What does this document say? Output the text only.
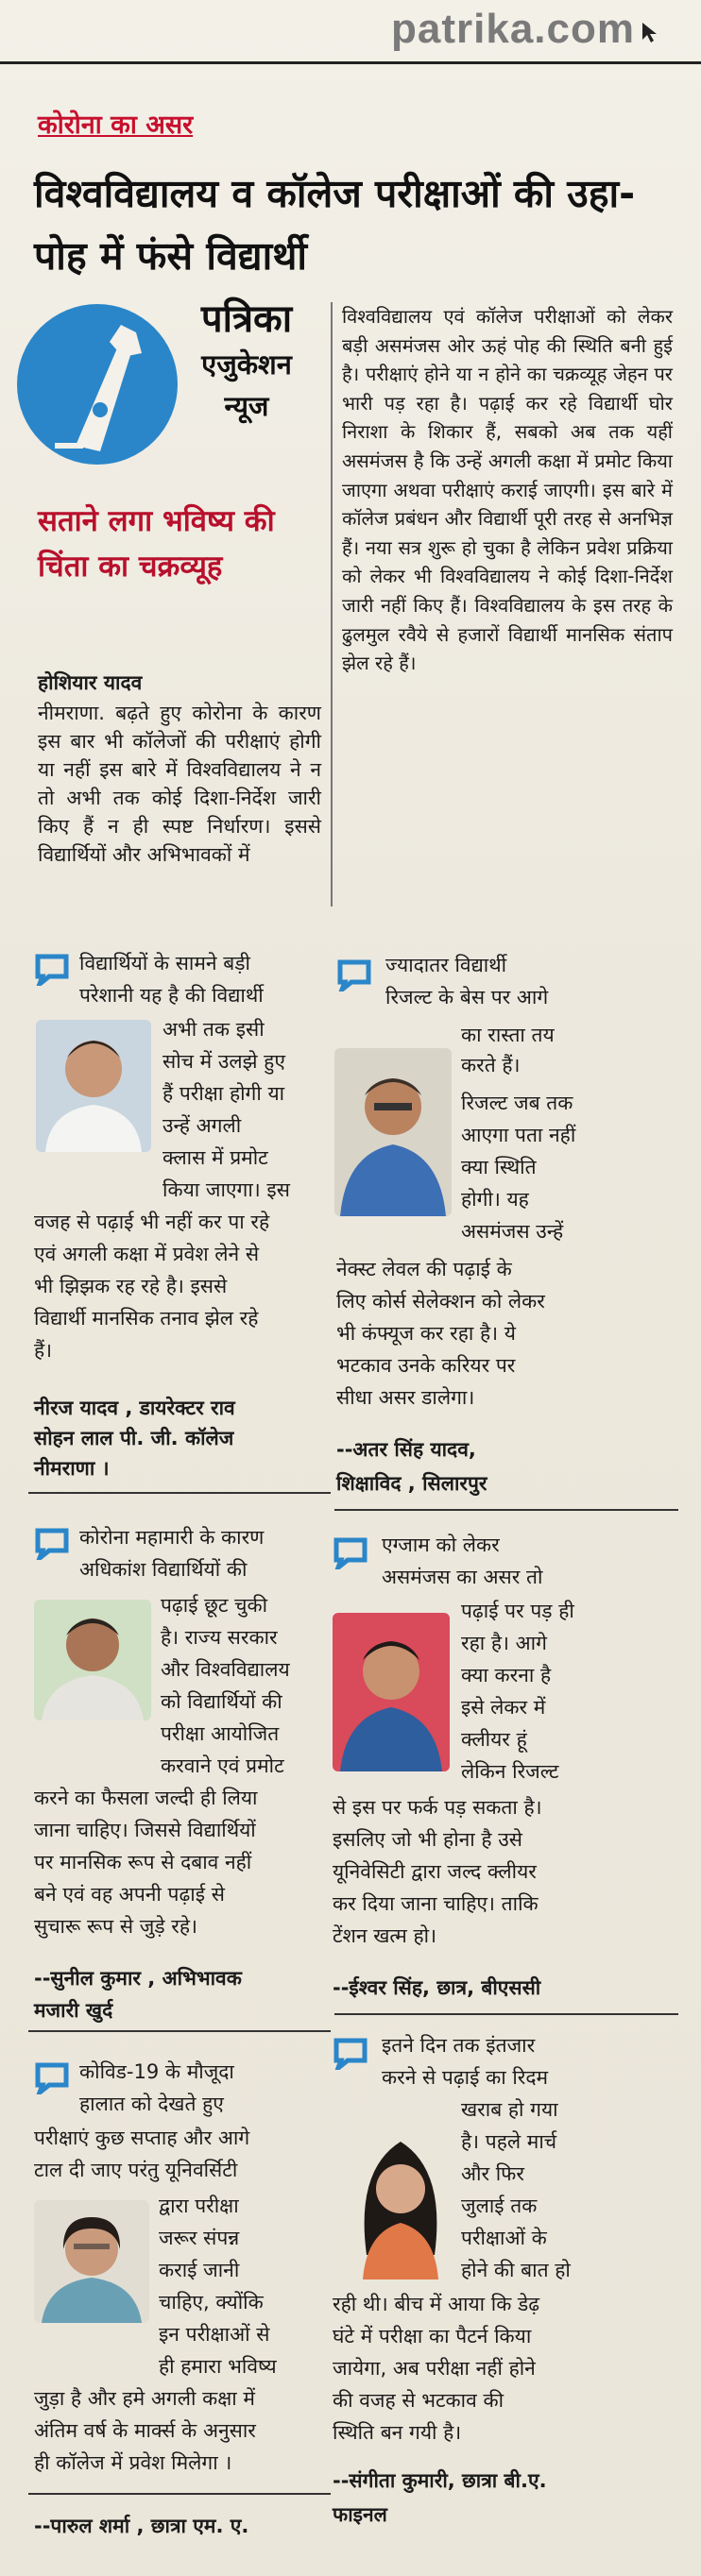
patrika.com
कोरोना का असर
विश्वविद्यालय व कॉलेज परीक्षाओं की उहा-पोह में फंसे विद्यार्थी
पत्रिका
एजुकेशन
न्यूज
सताने लगा भविष्य की चिंता का चक्रव्यूह
विश्वविद्यालय एवं कॉलेज परीक्षाओं को लेकर बड़ी असमंजस ओर ऊहं पोह की स्थिति बनी हुई है। परीक्षाएं होने या न होने का चक्रव्यूह जेहन पर भारी पड़ रहा है। पढ़ाई कर रहे विद्यार्थी घोर निराशा के शिकार हैं, सबको अब तक यहीं असमंजस है कि उन्हें अगली कक्षा में प्रमोट किया जाएगा अथवा परीक्षाएं कराई जाएगी। इस बारे में कॉलेज प्रबंधन और विद्यार्थी पूरी तरह से अनभिज्ञ हैं। नया सत्र शुरू हो चुका है लेकिन प्रवेश प्रक्रिया को लेकर भी विश्वविद्यालय ने कोई दिशा-निर्देश जारी नहीं किए हैं। विश्वविद्यालय के इस तरह के ढुलमुल रवैये से हजारों विद्यार्थी मानसिक संताप झेल रहे हैं।
होशियार यादव
नीमराणा. बढ़ते हुए कोरोना के कारण इस बार भी कॉलेजों की परीक्षाएं होगी या नहीं इस बारे में विश्वविद्यालय ने न तो अभी तक कोई दिशा-निर्देश जारी किए हैं न ही स्पष्ट निर्धारण। इससे विद्यार्थियों और अभिभावकों में
विद्यार्थियों के सामने बड़ी
परेशानी यह है की विद्यार्थी
अभी तक इसी
सोच में उलझे हुए
हैं परीक्षा होगी या
उन्हें अगली
क्लास में प्रमोट
किया जाएगा। इस
वजह से पढ़ाई भी नहीं कर पा रहे
एवं अगली कक्षा में प्रवेश लेने से
भी झिझक रह रहे है। इससे
विद्यार्थी मानसिक तनाव झेल रहे
हैं।
नीरज यादव , डायरेक्टर राव
सोहन लाल पी. जी. कॉलेज
नीमराणा ।
ज्यादातर विद्यार्थी
रिजल्ट के बेस पर आगे
का रास्ता तय
करते हैं।
रिजल्ट जब तक
आएगा पता नहीं
क्या स्थिति
होगी। यह
असमंजस उन्हें
नेक्स्ट लेवल की पढ़ाई के
लिए कोर्स सेलेक्शन को लेकर
भी कंफ्यूज कर रहा है। ये
भटकाव उनके करियर पर
सीधा असर डालेगा।
--अतर सिंह यादव,
शिक्षाविद , सिलारपुर
कोरोना महामारी के कारण
अधिकांश विद्यार्थियों की
पढ़ाई छूट चुकी
है। राज्य सरकार
और विश्वविद्यालय
को विद्यार्थियों की
परीक्षा आयोजित
करवाने एवं प्रमोट
करने का फैसला जल्दी ही लिया
जाना चाहिए। जिससे विद्यार्थियों
पर मानसिक रूप से दबाव नहीं
बने एवं वह अपनी पढ़ाई से
सुचारू रूप से जुड़े रहे।
--सुनील कुमार , अभिभावक
मजारी खुर्द
एग्जाम को लेकर
असमंजस का असर तो
पढ़ाई पर पड़ ही
रहा है। आगे
क्या करना है
इसे लेकर में
क्लीयर हूं
लेकिन रिजल्ट
से इस पर फर्क पड़ सकता है।
इसलिए जो भी होना है उसे
यूनिवेसिटी द्वारा जल्द क्लीयर
कर दिया जाना चाहिए। ताकि
टेंशन खत्म हो।
--ईश्वर सिंह, छात्र, बीएससी
कोविड-19 के मौजूदा
हालात को देखते हुए
परीक्षाएं कुछ सप्ताह और आगे
टाल दी जाए परंतु यूनिवर्सिटी
द्वारा परीक्षा
जरूर संपन्न
कराई जानी
चाहिए, क्योंकि
इन परीक्षाओं से
ही हमारा भविष्य
जुड़ा है और हमे अगली कक्षा में
अंतिम वर्ष के मार्क्स के अनुसार
ही कॉलेज में प्रवेश मिलेगा ।
--पारुल शर्मा , छात्रा एम. ए.
इतने दिन तक इंतजार
करने से पढ़ाई का रिदम
खराब हो गया
है। पहले मार्च
और फिर
जुलाई तक
परीक्षाओं के
होने की बात हो
रही थी। बीच में आया कि डेढ़
घंटे में परीक्षा का पैटर्न किया
जायेगा, अब परीक्षा नहीं होने
की वजह से भटकाव की
स्थिति बन गयी है।
--संगीता कुमारी, छात्रा बी.ए.
फाइनल
